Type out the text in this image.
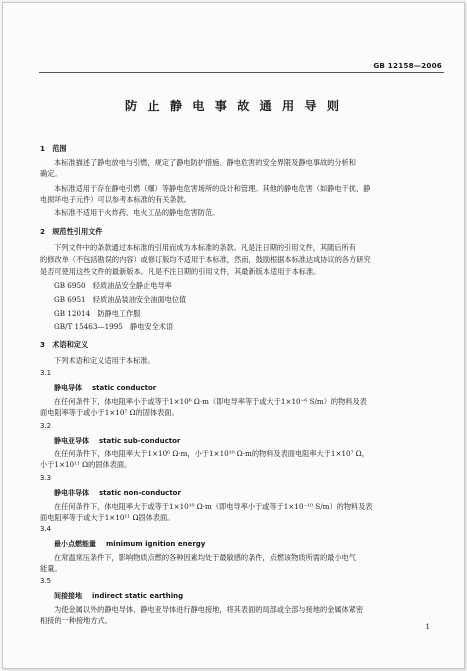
GB 12158—2006
防 止 静 电 事 故 通 用 导 则
1　范围
本标准描述了静电放电与引燃，规定了静电防护措施、静电危害的安全界限及静电事故的分析和
确定。
本标准适用于存在静电引燃（爆）等静电危害场所的设计和管理。其他的静电危害（如静电干扰、静
电损坏电子元件）可以参考本标准的有关条款。
本标准不适用于火炸药、电火工品的静电危害防范。
2　规范性引用文件
下列文件中的条款通过本标准的引用而成为本标准的条款。凡是注日期的引用文件，其随后所有
的修改单（不包括勘误的内容）或修订版均不适用于本标准，然而，鼓励根据本标准达成协议的各方研究
是否可使用这些文件的最新版本。凡是不注日期的引用文件，其最新版本适用于本标准。
GB 6950　轻质油品安全静止电导率
GB 6951　轻质油品装油安全油面电位值
GB 12014　防静电工作服
GB/T 15463—1995　静电安全术语
3　术语和定义
下列术语和定义适用于本标准。
3.1
静电导体 static conductor
在任何条件下，体电阻率小于或等于1×10⁶ Ω·m（即电导率等于或大于1×10⁻⁶ S/m）的物料及表
面电阻率等于或小于1×10⁷ Ω的固体表面。
3.2
静电亚导体 static sub-conductor
在任何条件下，体电阻率大于1×10⁶ Ω·m，小于1×10¹⁰ Ω·m的物料及表面电阻率大于1×10⁷ Ω，
小于1×10¹¹ Ω的固体表面。
3.3
静电非导体 static non-conductor
在任何条件下，体电阻率大于或等于1×10¹⁰ Ω·m（即电导率小于或等于1×10⁻¹⁰ S/m）的物料及表
面电阻率等于或大于1×10¹¹ Ω固体表面。
3.4
最小点燃能量 minimum ignition energy
在常温常压条件下，影响物质点燃的各种因素均处于最敏感的条件，点燃该物质所需的最小电气
能量。
3.5
间接接地 indirect static earthing
为使金属以外的静电导体、静电亚导体进行静电接地，将其表面的局部或全部与接地的金属体紧密
相接的一种接地方式。
1
